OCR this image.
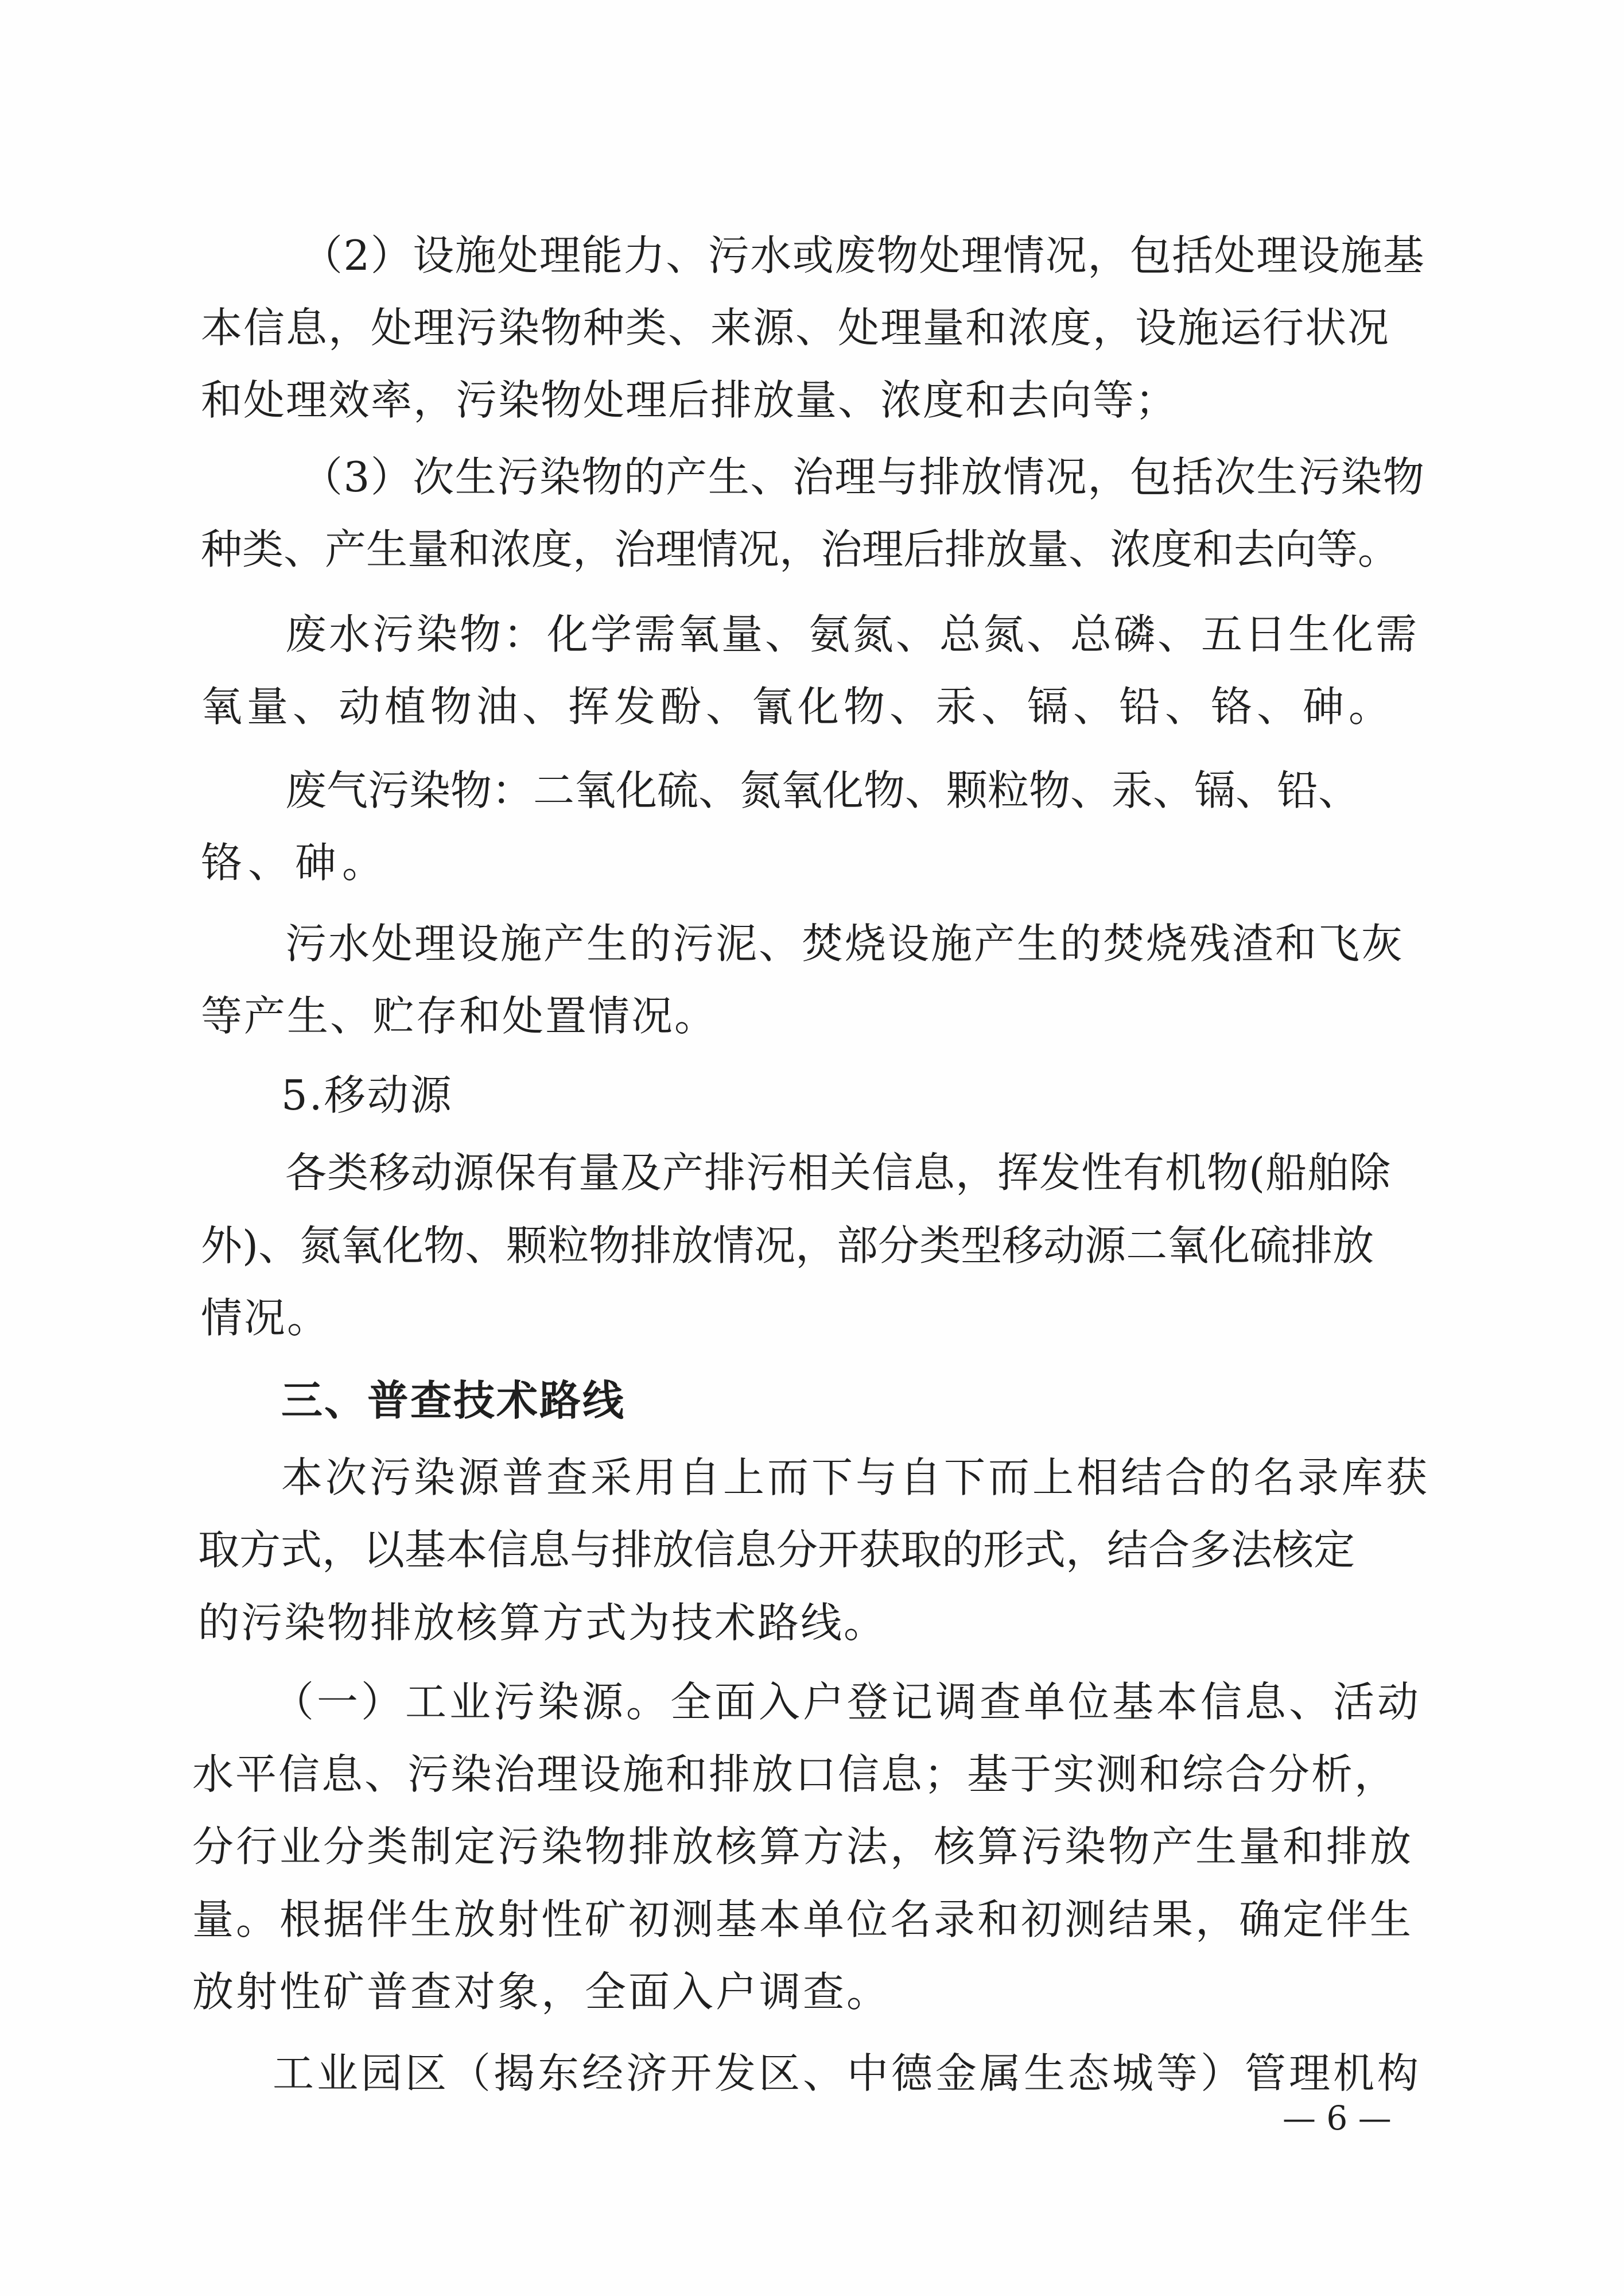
（2）设施处理能力、污水或废物处理情况，包括处理设施基
本信息，处理污染物种类、来源、处理量和浓度，设施运行状况
和处理效率，污染物处理后排放量、浓度和去向等；
（3）次生污染物的产生、治理与排放情况，包括次生污染物
种类、产生量和浓度，治理情况，治理后排放量、浓度和去向等。
废水污染物：化学需氧量、氨氮、总氮、总磷、五日生化需
氧量、动植物油、挥发酚、氰化物、汞、镉、铅、铬、砷。
废气污染物：二氧化硫、氮氧化物、颗粒物、汞、镉、铅、
铬、砷。
污水处理设施产生的污泥、焚烧设施产生的焚烧残渣和飞灰
等产生、贮存和处置情况。
5.移动源
各类移动源保有量及产排污相关信息，挥发性有机物(船舶除
外)、氮氧化物、颗粒物排放情况，部分类型移动源二氧化硫排放
情况。
三、普查技术路线
本次污染源普查采用自上而下与自下而上相结合的名录库获
取方式，以基本信息与排放信息分开获取的形式，结合多法核定
的污染物排放核算方式为技术路线。
（一）工业污染源。全面入户登记调查单位基本信息、活动
水平信息、污染治理设施和排放口信息；基于实测和综合分析，
分行业分类制定污染物排放核算方法，核算污染物产生量和排放
量。根据伴生放射性矿初测基本单位名录和初测结果，确定伴生
放射性矿普查对象，全面入户调查。
工业园区（揭东经济开发区、中德金属生态城等）管理机构
— 6 —
